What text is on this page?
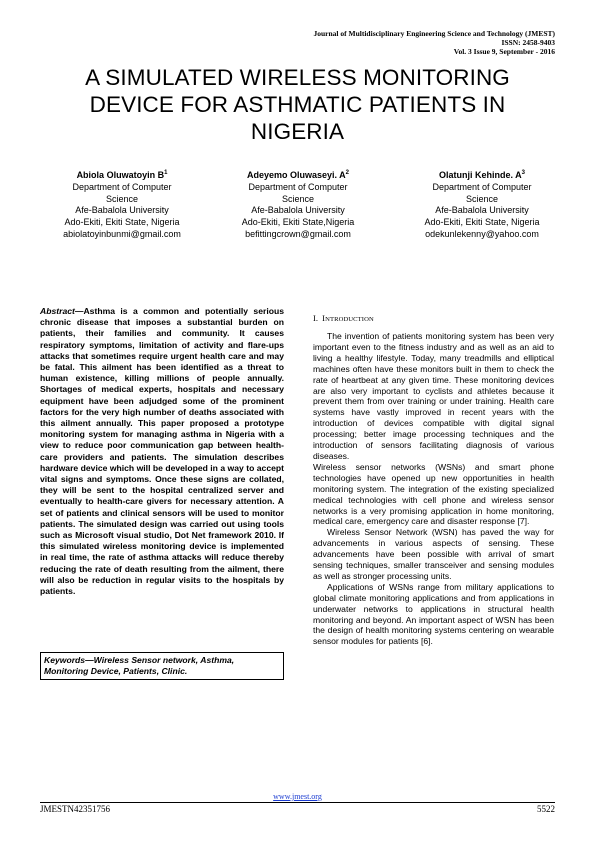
Journal of Multidisciplinary Engineering Science and Technology (JMEST)
ISSN: 2458-9403
Vol. 3 Issue 9, September - 2016
A SIMULATED WIRELESS MONITORING DEVICE FOR ASTHMATIC PATIENTS IN NIGERIA
Abiola Oluwatoyin $B^1$
Department of Computer
Science
Afe-Babalola University
Ado-Ekiti, Ekiti State, Nigeria
abiolatoyinbunmi@gmail.com
Adeyemo Oluwaseyi. $A^2$
Department of Computer
Science
Afe-Babalola University
Ado-Ekiti, Ekiti State,Nigeria
befittingcrown@gmail.com
Olatunji Kehinde. $A^3$
Department of Computer
Science
Afe-Babalola University
Ado-Ekiti, Ekiti State, Nigeria
odekunlekenny@yahoo.com
Abstract—Asthma is a common and potentially serious chronic disease that imposes a substantial burden on patients, their families and community. It causes respiratory symptoms, limitation of activity and flare-ups attacks that sometimes require urgent health care and may be fatal. This ailment has been identified as a threat to human existence, killing millions of people annually. Shortages of medical experts, hospitals and necessary equipment have been adjudged some of the prominent factors for the very high number of deaths associated with this ailment annually. This paper proposed a prototype monitoring system for managing asthma in Nigeria with a view to reduce poor communication gap between health-care providers and patients. The simulation describes hardware device which will be developed in a way to accept vital signs and symptoms. Once these signs are collated, they will be sent to the hospital centralized server and eventually to health-care givers for necessary attention. A set of patients and clinical sensors will be used to monitor patients. The simulated design was carried out using tools such as Microsoft visual studio, Dot Net framework 2010. If this simulated wireless monitoring device is implemented in real time, the rate of asthma attacks will reduce thereby reducing the rate of death resulting from the ailment, there will also be reduction in regular visits to the hospitals by patients.
Keywords—Wireless Sensor network, Asthma, Monitoring Device, Patients, Clinic.
I. INTRODUCTION

The invention of patients monitoring system has been very important even to the fitness industry and as well as an aid to living a healthy lifestyle. Today, many treadmills and elliptical machines often have these monitors built in them to check the rate of heartbeat at any given time. These monitoring devices are also very important to cyclists and athletes because it prevent them from over training or under training. Health care systems have vastly improved in recent years with the introduction of devices compatible with digital signal processing; better image processing techniques and the introduction of sensors facilitating diagnosis of various diseases.

Wireless sensor networks (WSNs) and smart phone technologies have opened up new opportunities in health monitoring system. The integration of the existing specialized medical technologies with cell phone and wireless sensor networks is a very promising application in home monitoring, medical care, emergency care and disaster response [7].

Wireless Sensor Network (WSN) has paved the way for advancements in various aspects of sensing. These advancements have been possible with arrival of smart sensing techniques, smaller transceiver and sensing modules as well as stronger processing units.

Applications of WSNs range from military applications to global climate monitoring applications and from applications in underwater networks to applications in structural health monitoring and beyond. An important aspect of WSN has been the design of health monitoring systems centering on wearable sensor modules for patients [6].

www.jmest.org
JMESTN42351756	5522
